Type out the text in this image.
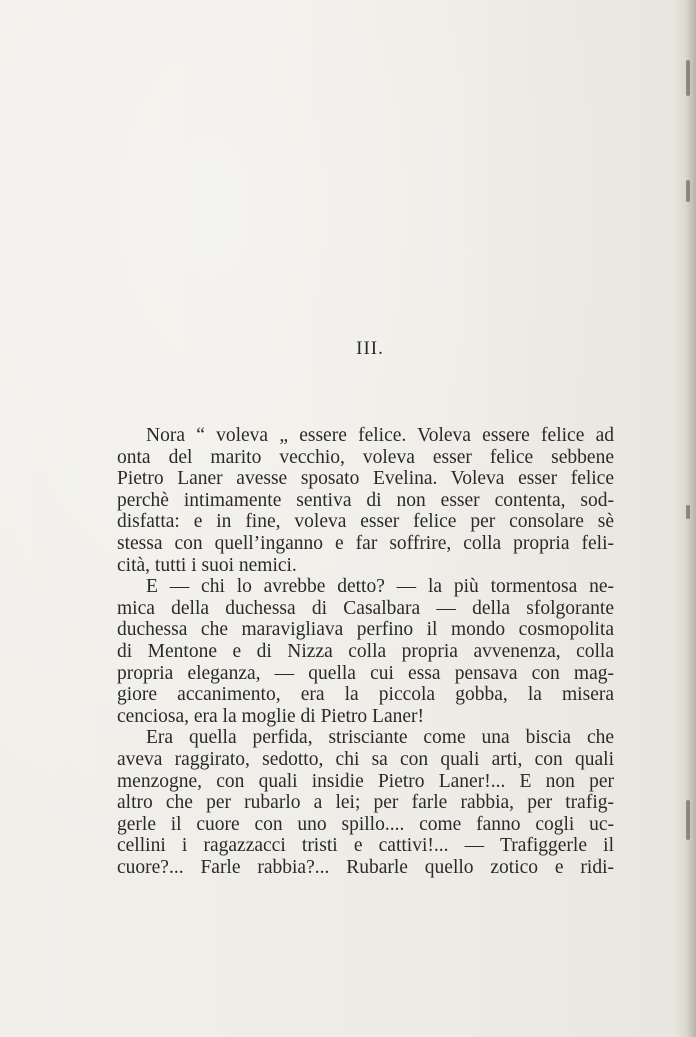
III.
Nora “ voleva „ essere felice. Voleva essere felice ad
onta del marito vecchio, voleva esser felice sebbene
Pietro Laner avesse sposato Evelina. Voleva esser felice
perchè intimamente sentiva di non esser contenta, sod-
disfatta: e in fine, voleva esser felice per consolare sè
stessa con quell’inganno e far soffrire, colla propria feli-
cità, tutti i suoi nemici.
E — chi lo avrebbe detto? — la più tormentosa ne-
mica della duchessa di Casalbara — della sfolgorante
duchessa che maravigliava perfino il mondo cosmopolita
di Mentone e di Nizza colla propria avvenenza, colla
propria eleganza, — quella cui essa pensava con mag-
giore accanimento, era la piccola gobba, la misera
cenciosa, era la moglie di Pietro Laner!
Era quella perfida, strisciante come una biscia che
aveva raggirato, sedotto, chi sa con quali arti, con quali
menzogne, con quali insidie Pietro Laner!... E non per
altro che per rubarlo a lei; per farle rabbia, per trafig-
gerle il cuore con uno spillo.... come fanno cogli uc-
cellini i ragazzacci tristi e cattivi!... — Trafiggerle il
cuore?... Farle rabbia?... Rubarle quello zotico e ridi-
